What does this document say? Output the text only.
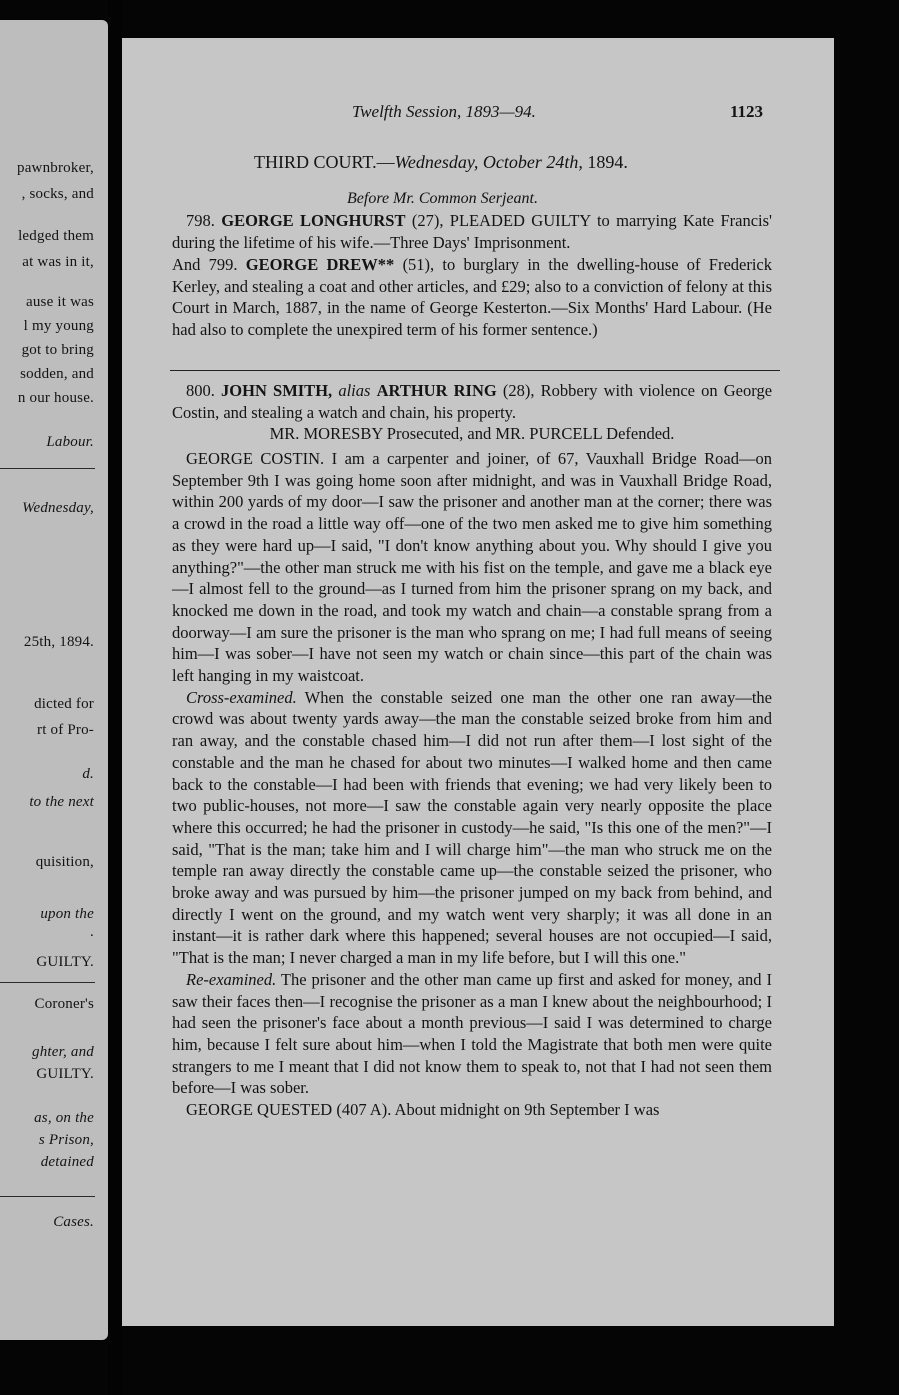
pawnbroker,
, socks, and
ledged them
at was in it,
ause it was
l my young
got to bring
sodden, and
n our house.
Labour.
Wednesday,
25th, 1894.
dicted for
rt of Pro-
d.
to the next
quisition,
upon the
.
GUILTY.
Coroner's
ghter, and
GUILTY.
as, on the
s Prison,
detained
Cases.
Twelfth Session, 1893—94.	1123
THIRD COURT.—Wednesday, October 24th, 1894.
Before Mr. Common Serjeant.

798. GEORGE LONGHURST (27), PLEADED GUILTY to marrying Kate Francis' during the lifetime of his wife.—Three Days' Imprisonment.

And 799. GEORGE DREW** (51), to burglary in the dwelling-house of Frederick Kerley, and stealing a coat and other articles, and £29; also to a conviction of felony at this Court in March, 1887, in the name of George Kesterton.—Six Months' Hard Labour. (He had also to complete the unexpired term of his former sentence.)

800. JOHN SMITH, alias ARTHUR RING (28), Robbery with violence on George Costin, and stealing a watch and chain, his property.

MR. MORESBY Prosecuted, and MR. PURCELL Defended.

GEORGE COSTIN. I am a carpenter and joiner, of 67, Vauxhall Bridge Road—on September 9th I was going home soon after midnight, and was in Vauxhall Bridge Road, within 200 yards of my door—I saw the prisoner and another man at the corner; there was a crowd in the road a little way off—one of the two men asked me to give him something as they were hard up—I said, "I don't know anything about you. Why should I give you anything?"—the other man struck me with his fist on the temple, and gave me a black eye—I almost fell to the ground—as I turned from him the prisoner sprang on my back, and knocked me down in the road, and took my watch and chain—a constable sprang from a doorway—I am sure the prisoner is the man who sprang on me; I had full means of seeing him—I was sober—I have not seen my watch or chain since—this part of the chain was left hanging in my waistcoat.

Cross-examined. When the constable seized one man the other one ran away—the crowd was about twenty yards away—the man the constable seized broke from him and ran away, and the constable chased him—I did not run after them—I lost sight of the constable and the man he chased for about two minutes—I walked home and then came back to the constable—I had been with friends that evening; we had very likely been to two public-houses, not more—I saw the constable again very nearly opposite the place where this occurred; he had the prisoner in custody—he said, "Is this one of the men?"—I said, "That is the man; take him and I will charge him"—the man who struck me on the temple ran away directly the constable came up—the constable seized the prisoner, who broke away and was pursued by him—the prisoner jumped on my back from behind, and directly I went on the ground, and my watch went very sharply; it was all done in an instant—it is rather dark where this happened; several houses are not occupied—I said, "That is the man; I never charged a man in my life before, but I will this one."

Re-examined. The prisoner and the other man came up first and asked for money, and I saw their faces then—I recognise the prisoner as a man I knew about the neighbourhood; I had seen the prisoner's face about a month previous—I said I was determined to charge him, because I felt sure about him—when I told the Magistrate that both men were quite strangers to me I meant that I did not know them to speak to, not that I had not seen them before—I was sober.

GEORGE QUESTED (407 A). About midnight on 9th September I was
